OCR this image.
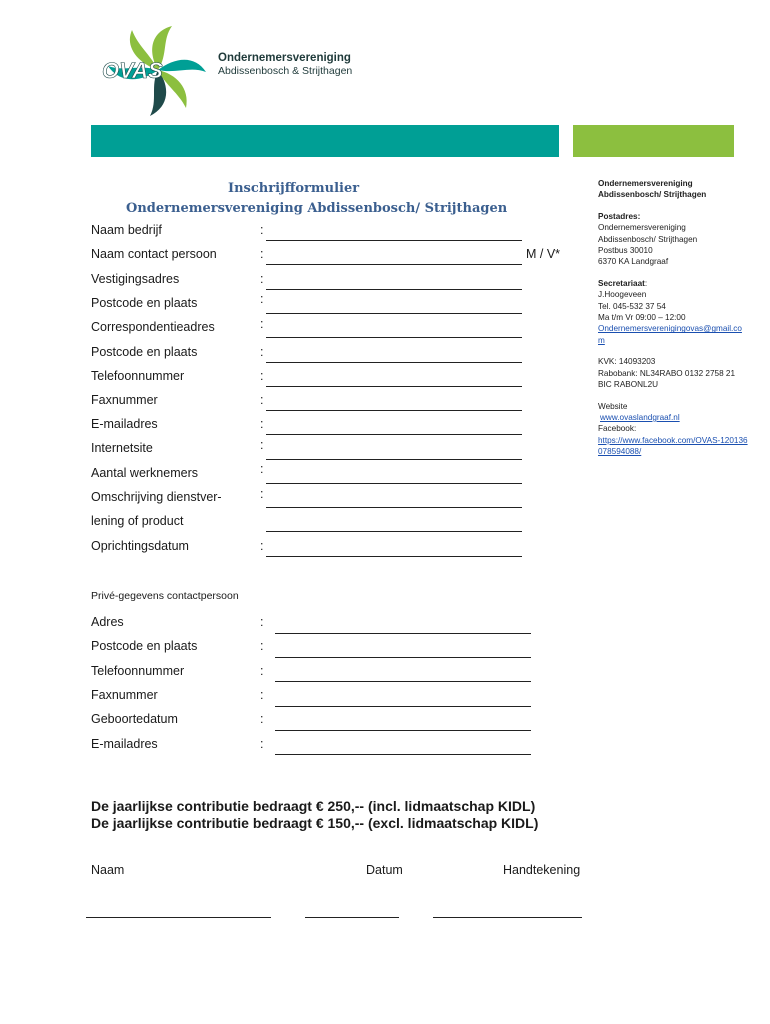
OVAS	Ondernemersvereniging
Abdissenbosch & Strijthagen
Inschrijfformulier
Ondernemersvereniging Abdissenbosch/ Strijthagen
Naam bedrijf	:
Naam contact persoon	:	M / V*
Vestigingsadres	:
Postcode en plaats	:
Correspondentieadres	:
Postcode en plaats	:
Telefoonnummer	:
Faxnummer	:
E-mailadres	:
Internetsite	:
Aantal werknemers	:
Omschrijving dienstver-	:
lening of product
Oprichtingsdatum	:
Ondernemersvereniging
Abdissenbosch/ Strijthagen
Postadres:
Ondernemersvereniging
Abdissenbosch/ Strijthagen
Postbus 30010
6370 KA Landgraaf
Secretariaat:
J.Hoogeveen
Tel. 045-532 37 54
Ma t/m Vr 09:00 – 12:00
Ondernemersverenigingovas@gmail.com
KVK: 14093203
Rabobank: NL34RABO 0132 2758 21
BIC RABONL2U
Website
www.ovaslandgraaf.nl
Facebook:
https://www.facebook.com/OVAS-120136078594088/
Privé-gegevens contactpersoon
Adres	:
Postcode en plaats	:
Telefoonnummer	:
Faxnummer	:
Geboortedatum	:
E-mailadres	:
De jaarlijkse contributie bedraagt € 250,-- (incl. lidmaatschap KIDL)
De jaarlijkse contributie bedraagt € 150,-- (excl. lidmaatschap KIDL)
Naam	Datum	Handtekening
